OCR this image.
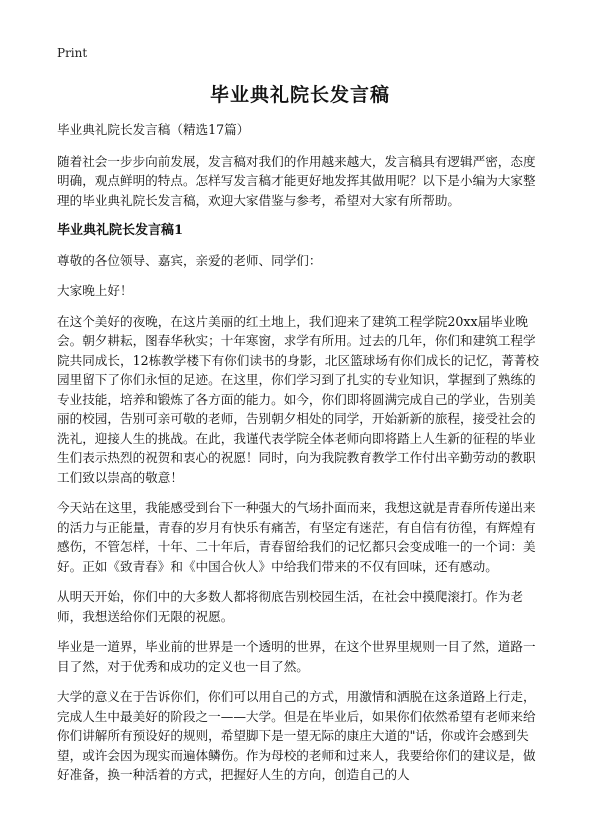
Print
毕业典礼院长发言稿

毕业典礼院长发言稿（精选17篇）

随着社会一步步向前发展，发言稿对我们的作用越来越大，发言稿具有逻辑严密，态度明确，观点鲜明的特点。怎样写发言稿才能更好地发挥其做用呢？以下是小编为大家整理的毕业典礼院长发言稿，欢迎大家借鉴与参考，希望对大家有所帮助。

毕业典礼院长发言稿1

尊敬的各位领导、嘉宾，亲爱的老师、同学们：

大家晚上好！

在这个美好的夜晚，在这片美丽的红土地上，我们迎来了建筑工程学院20xx届毕业晚会。朝夕耕耘，图春华秋实；十年寒窗，求学有所用。过去的几年，你们和建筑工程学院共同成长，12栋教学楼下有你们读书的身影，北区篮球场有你们成长的记忆，菁菁校园里留下了你们永恒的足迹。在这里，你们学习到了扎实的专业知识，掌握到了熟练的专业技能，培养和锻炼了各方面的能力。如今，你们即将圆满完成自己的学业，告别美丽的校园，告别可亲可敬的老师，告别朝夕相处的同学，开始新新的旅程，接受社会的洗礼，迎接人生的挑战。在此，我谨代表学院全体老师向即将踏上人生新的征程的毕业生们表示热烈的祝贺和衷心的祝愿！同时，向为我院教育教学工作付出辛勤劳动的教职工们致以崇高的敬意！

今天站在这里，我能感受到台下一种强大的气场扑面而来，我想这就是青春所传递出来的活力与正能量，青春的岁月有快乐有痛苦，有坚定有迷茫，有自信有彷徨，有辉煌有感伤，不管怎样，十年、二十年后，青春留给我们的记忆都只会变成唯一的一个词：美好。正如《致青春》和《中国合伙人》中给我们带来的不仅有回味，还有感动。

从明天开始，你们中的大多数人都将彻底告别校园生活，在社会中摸爬滚打。作为老师，我想送给你们无限的祝愿。

毕业是一道界，毕业前的世界是一个透明的世界，在这个世界里规则一目了然，道路一目了然，对于优秀和成功的定义也一目了然。

大学的意义在于告诉你们，你们可以用自己的方式，用激情和洒脱在这条道路上行走，完成人生中最美好的阶段之一——大学。但是在毕业后，如果你们依然希望有老师来给你们讲解所有预设好的规则，希望脚下是一望无际的康庄大道的"话，你或许会感到失望，或许会因为现实而遍体鳞伤。作为母校的老师和过来人，我要给你们的建议是，做好准备，换一种活着的方式，把握好人生的方向，创造自己的人
